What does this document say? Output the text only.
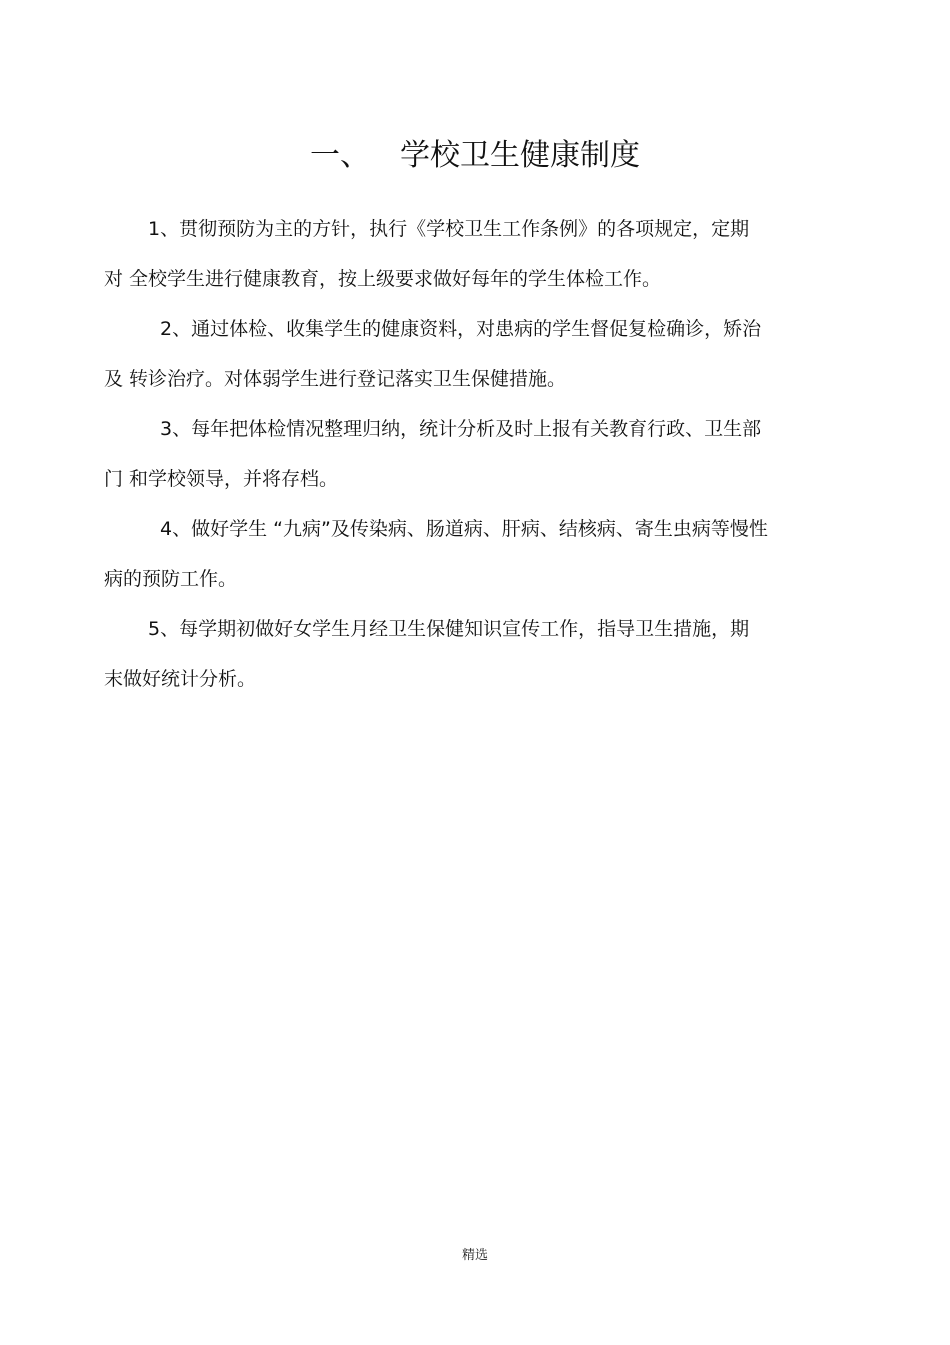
一、 学校卫生健康制度
1、贯彻预防为主的方针，执行《学校卫生工作条例》的各项规定，定期
对 全校学生进行健康教育，按上级要求做好每年的学生体检工作。
2、通过体检、收集学生的健康资料，对患病的学生督促复检确诊，矫治
及 转诊治疗。对体弱学生进行登记落实卫生保健措施。
3、每年把体检情况整理归纳，统计分析及时上报有关教育行政、卫生部
门 和学校领导，并将存档。
4、做好学生 “九病”及传染病、肠道病、肝病、结核病、寄生虫病等慢性
病的预防工作。
5、每学期初做好女学生月经卫生保健知识宣传工作，指导卫生措施，期
末做好统计分析。
精选
